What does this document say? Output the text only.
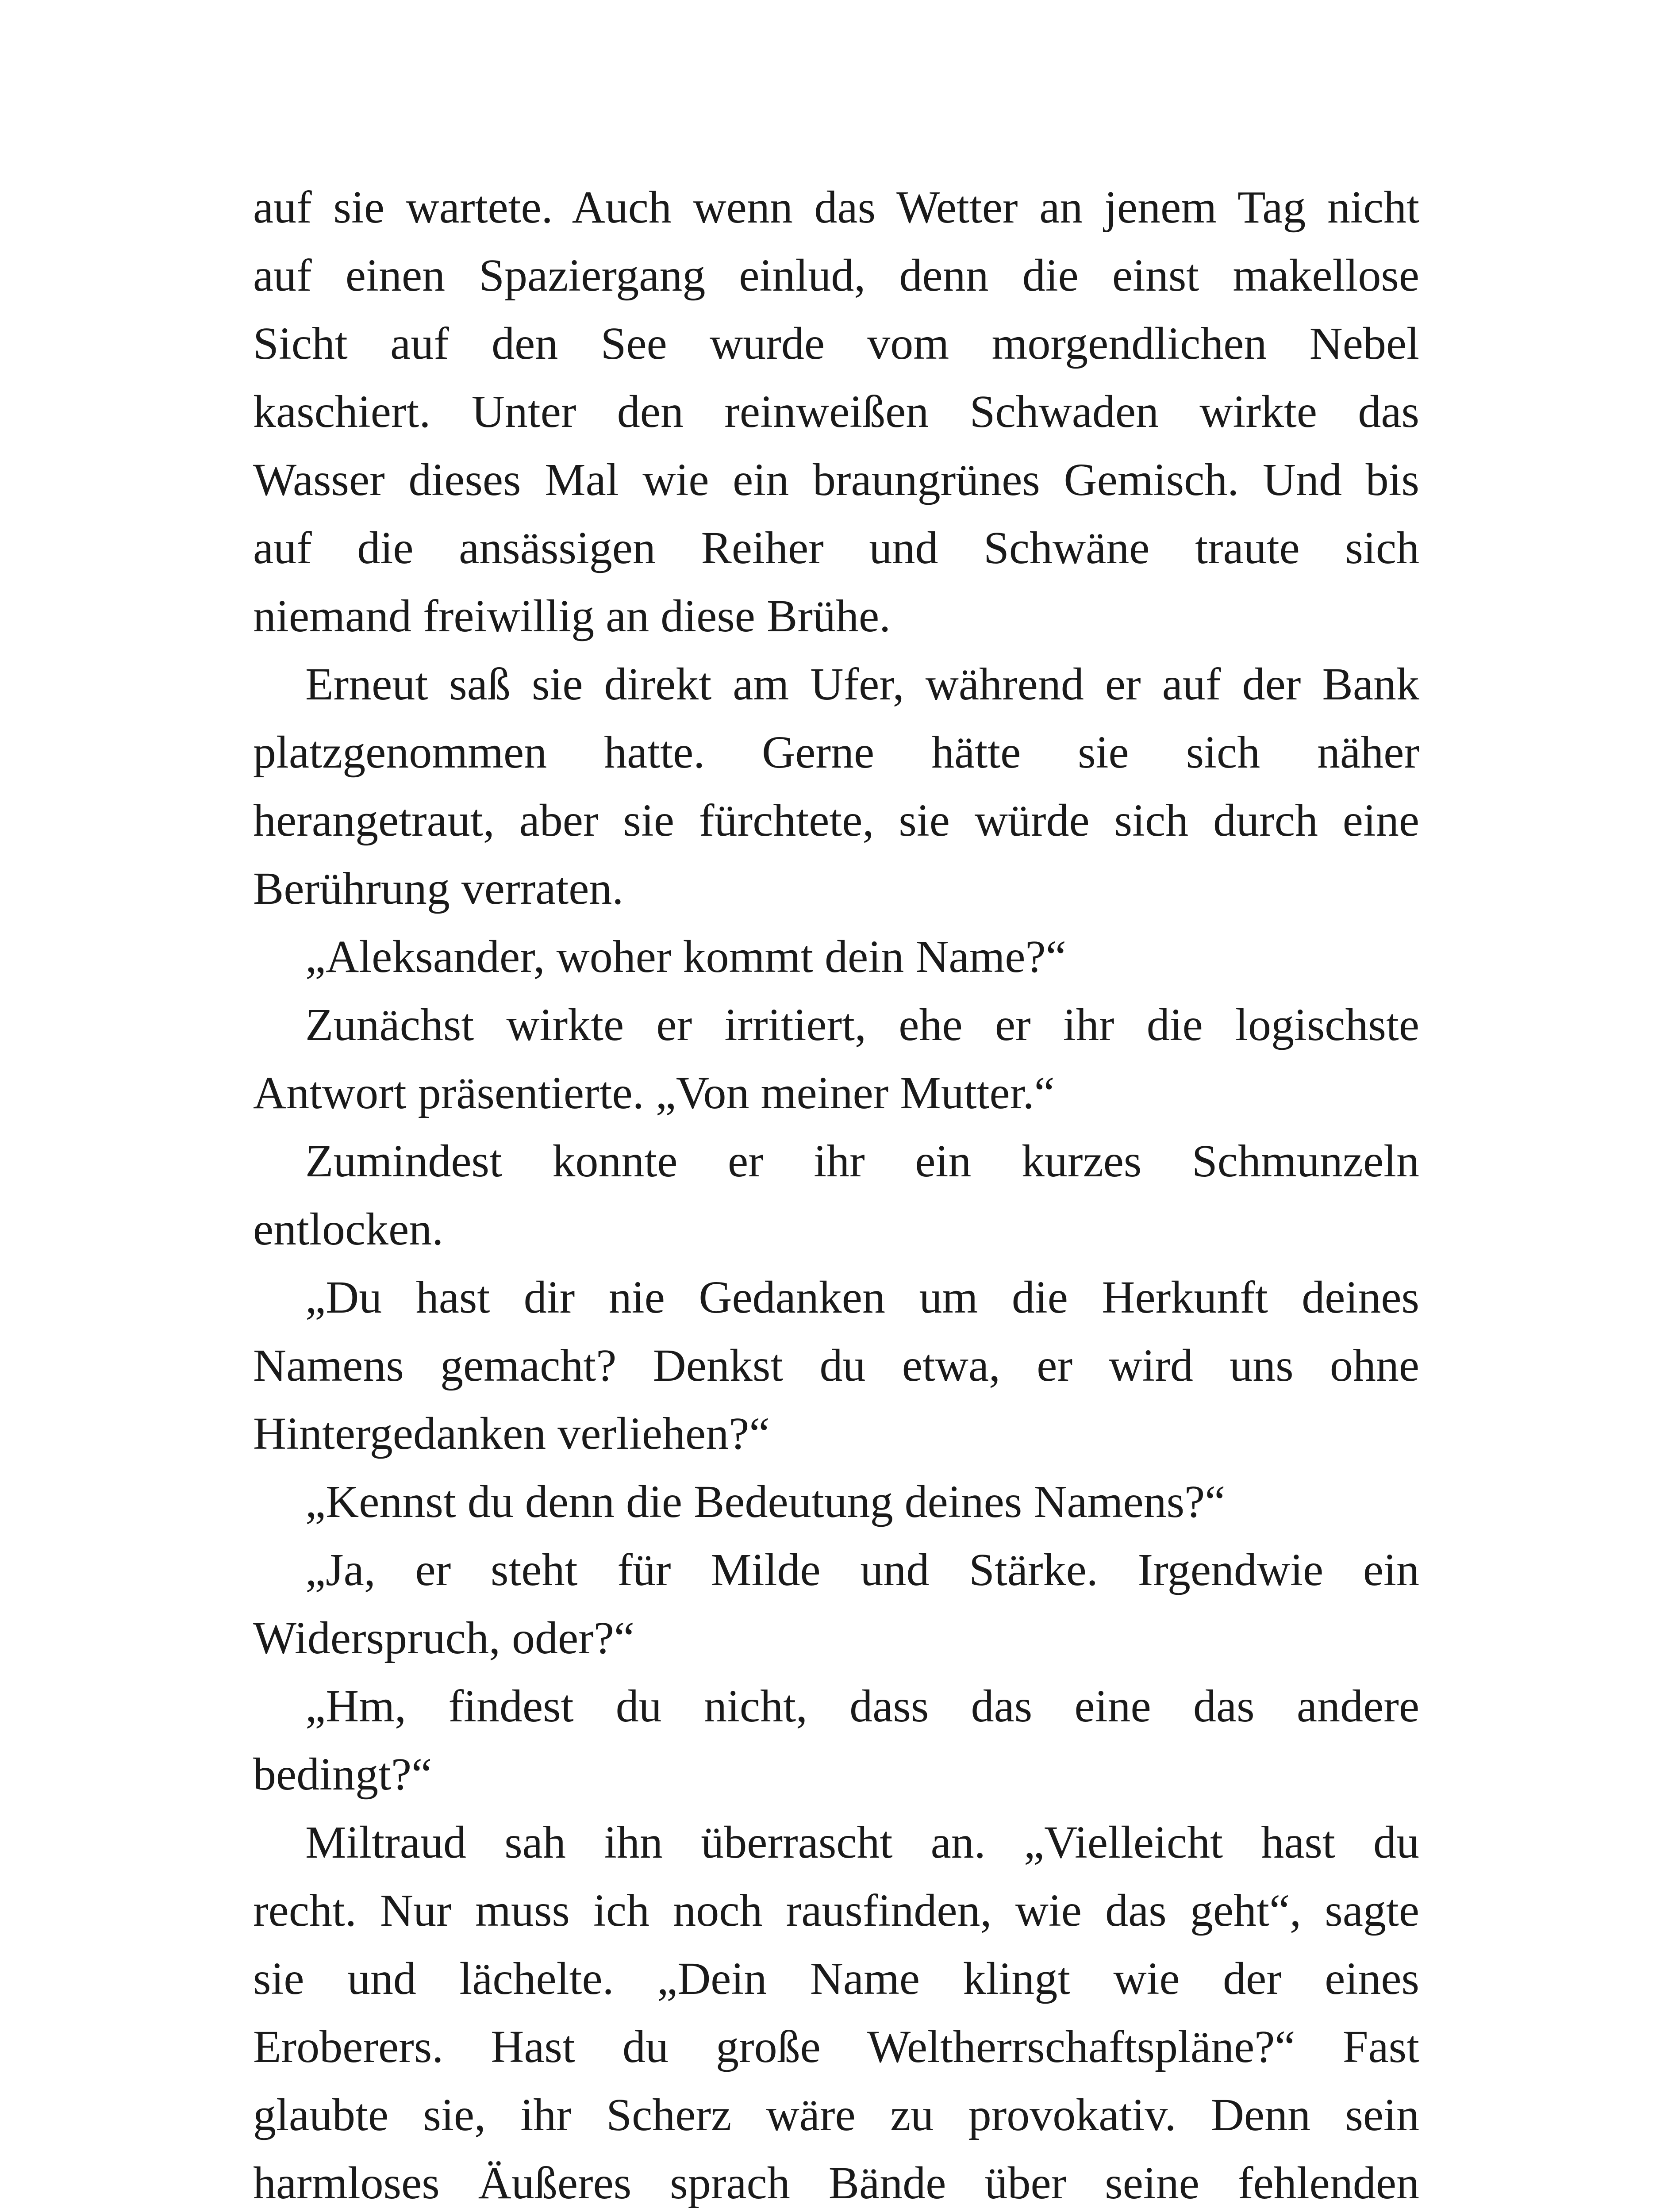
auf sie wartete. Auch wenn das Wetter an jenem Tag nicht
auf einen Spaziergang einlud, denn die einst makellose
Sicht auf den See wurde vom morgendlichen Nebel
kaschiert. Unter den reinweißen Schwaden wirkte das
Wasser dieses Mal wie ein braungrünes Gemisch. Und bis
auf die ansässigen Reiher und Schwäne traute sich
niemand freiwillig an diese Brühe.
Erneut saß sie direkt am Ufer, während er auf der Bank
platzgenommen hatte. Gerne hätte sie sich näher
herangetraut, aber sie fürchtete, sie würde sich durch eine
Berührung verraten.
„Aleksander, woher kommt dein Name?“
Zunächst wirkte er irritiert, ehe er ihr die logischste
Antwort präsentierte. „Von meiner Mutter.“
Zumindest konnte er ihr ein kurzes Schmunzeln
entlocken.
„Du hast dir nie Gedanken um die Herkunft deines
Namens gemacht? Denkst du etwa, er wird uns ohne
Hintergedanken verliehen?“
„Kennst du denn die Bedeutung deines Namens?“
„Ja, er steht für Milde und Stärke. Irgendwie ein
Widerspruch, oder?“
„Hm, findest du nicht, dass das eine das andere
bedingt?“
Miltraud sah ihn überrascht an. „Vielleicht hast du
recht. Nur muss ich noch rausfinden, wie das geht“, sagte
sie und lächelte. „Dein Name klingt wie der eines
Eroberers. Hast du große Weltherrschaftspläne?“ Fast
glaubte sie, ihr Scherz wäre zu provokativ. Denn sein
harmloses Äußeres sprach Bände über seine fehlenden
